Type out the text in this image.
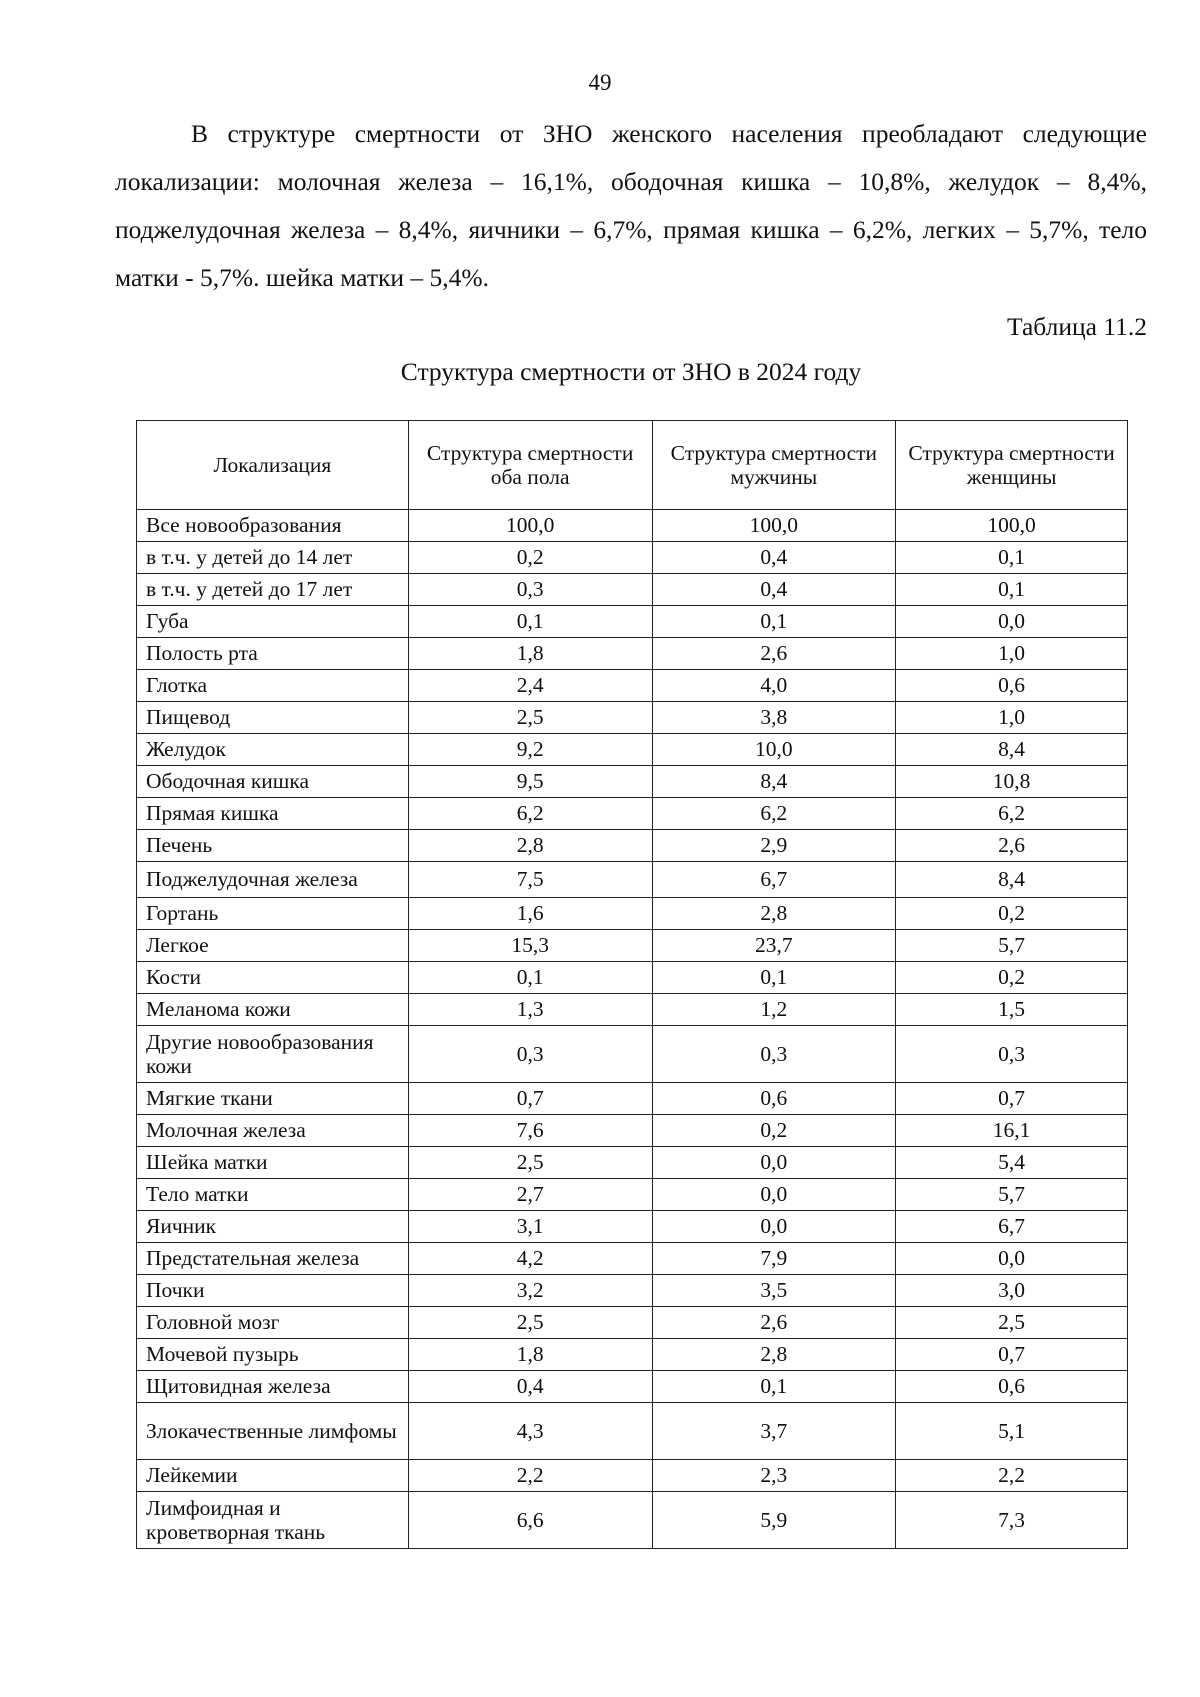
49

В структуре смертности от ЗНО женского населения преобладают следующие локализации: молочная железа – 16,1%, ободочная кишка – 10,8%, желудок – 8,4%, поджелудочная железа – 8,4%, яичники – 6,7%, прямая кишка – 6,2%, легких – 5,7%, тело матки - 5,7%. шейка матки – 5,4%.

Таблица 11.2
Структура смертности от ЗНО в 2024 году
Локализация	Структура смертности оба пола	Структура смертности мужчины	Структура смертности женщины
Все новообразования	100,0	100,0	100,0
в т.ч. у детей до 14 лет	0,2	0,4	0,1
в т.ч. у детей до 17 лет	0,3	0,4	0,1
Губа	0,1	0,1	0,0
Полость рта	1,8	2,6	1,0
Глотка	2,4	4,0	0,6
Пищевод	2,5	3,8	1,0
Желудок	9,2	10,0	8,4
Ободочная кишка	9,5	8,4	10,8
Прямая кишка	6,2	6,2	6,2
Печень	2,8	2,9	2,6
Поджелудочная железа	7,5	6,7	8,4
Гортань	1,6	2,8	0,2
Легкое	15,3	23,7	5,7
Кости	0,1	0,1	0,2
Меланома кожи	1,3	1,2	1,5
Другие новообразования кожи	0,3	0,3	0,3
Мягкие ткани	0,7	0,6	0,7
Молочная железа	7,6	0,2	16,1
Шейка матки	2,5	0,0	5,4
Тело матки	2,7	0,0	5,7
Яичник	3,1	0,0	6,7
Предстательная железа	4,2	7,9	0,0
Почки	3,2	3,5	3,0
Головной мозг	2,5	2,6	2,5
Мочевой пузырь	1,8	2,8	0,7
Щитовидная железа	0,4	0,1	0,6
Злокачественные лимфомы	4,3	3,7	5,1
Лейкемии	2,2	2,3	2,2
Лимфоидная и кроветворная ткань	6,6	5,9	7,3
